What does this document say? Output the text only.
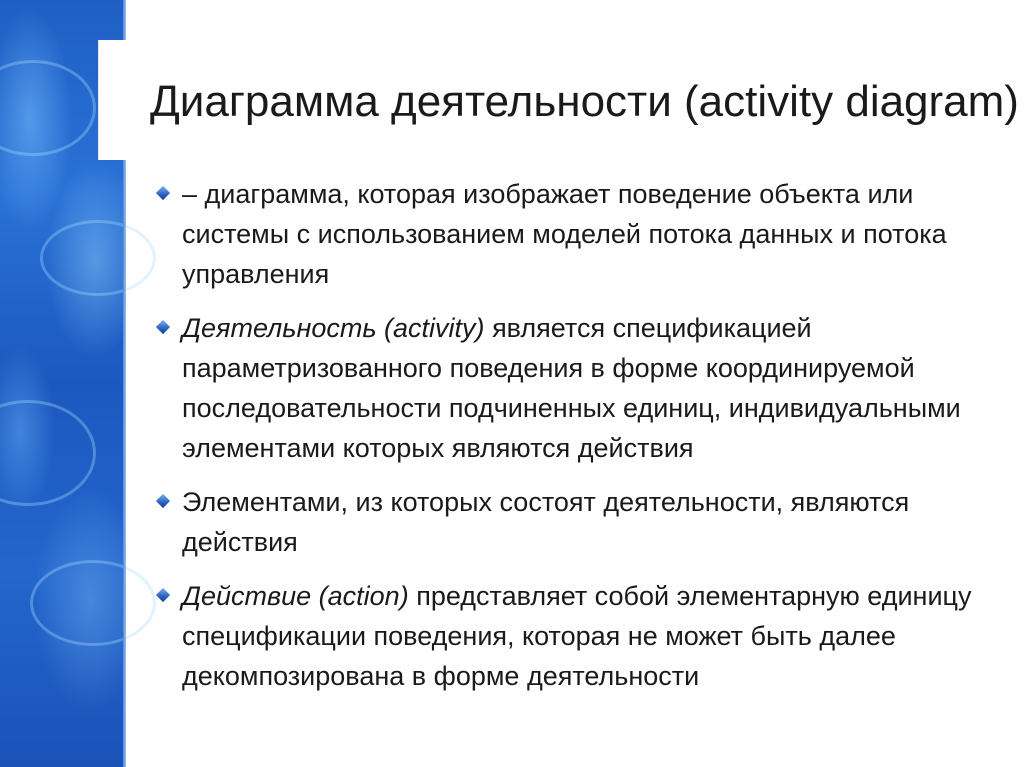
Диаграмма деятельности (activity diagram)
– диаграмма, которая изображает поведение объекта или системы с использованием моделей потока данных и потока управления
Деятельность (activity) является спецификацией параметризованного поведения в форме координируемой последовательности подчиненных единиц, индивидуальными элементами которых являются действия
Элементами, из которых состоят деятельности, являются действия
Действие (action) представляет собой элементарную единицу спецификации поведения, которая не может быть далее декомпозирована в форме деятельности
